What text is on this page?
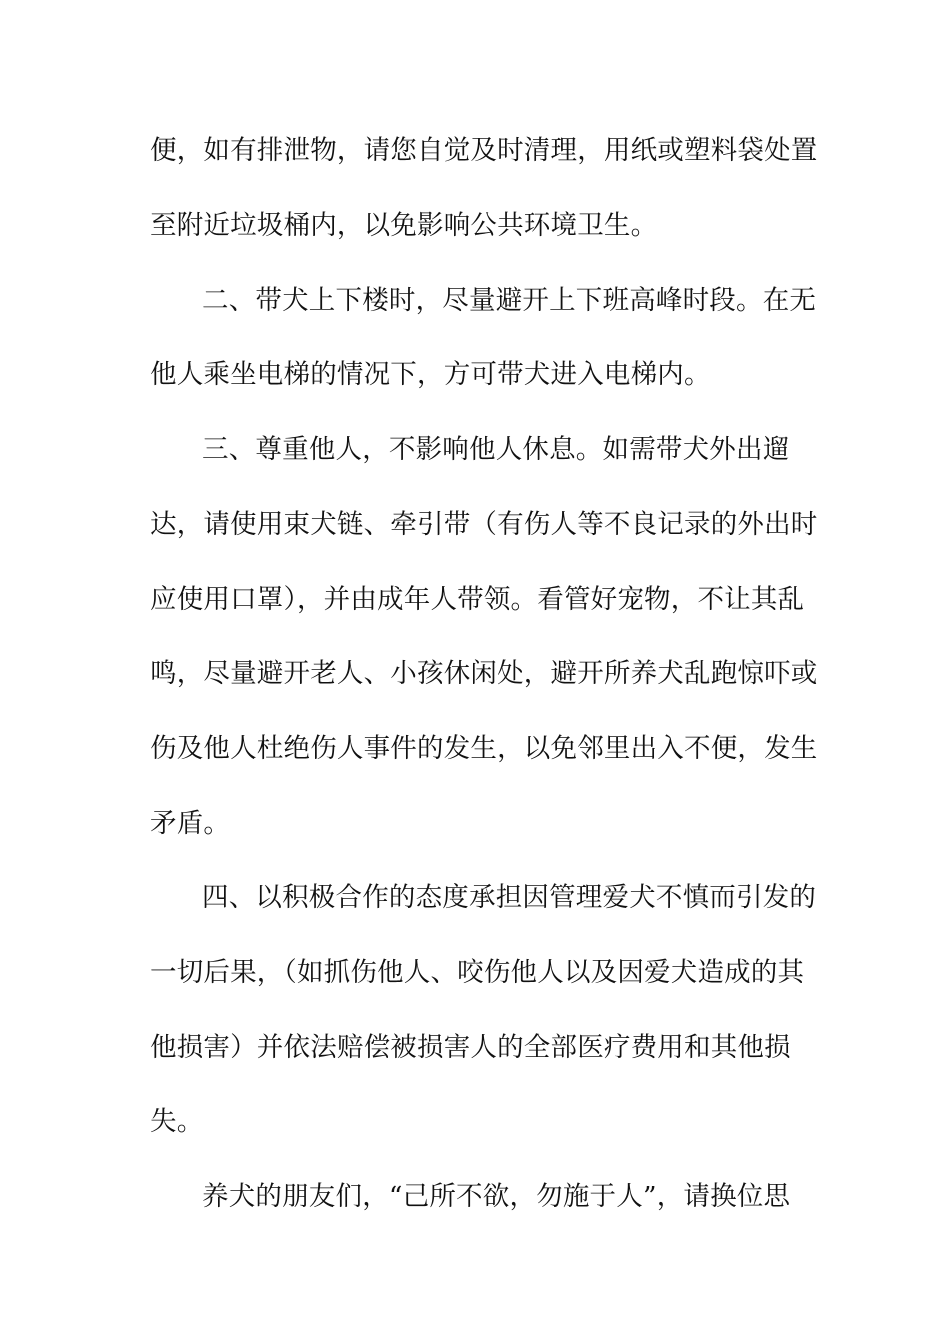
便，如有排泄物，请您自觉及时清理，用纸或塑料袋处置
至附近垃圾桶内，以免影响公共环境卫生。
二、带犬上下楼时，尽量避开上下班高峰时段。在无
他人乘坐电梯的情况下，方可带犬进入电梯内。
三、尊重他人，不影响他人休息。如需带犬外出遛
达，请使用束犬链、牵引带（有伤人等不良记录的外出时
应使用口罩），并由成年人带领。看管好宠物，不让其乱
鸣，尽量避开老人、小孩休闲处，避开所养犬乱跑惊吓或
伤及他人杜绝伤人事件的发生，以免邻里出入不便，发生
矛盾。
四、以积极合作的态度承担因管理爱犬不慎而引发的
一切后果，（如抓伤他人、咬伤他人以及因爱犬造成的其
他损害）并依法赔偿被损害人的全部医疗费用和其他损
失。
养犬的朋友们，“己所不欲，勿施于人”，请换位思
